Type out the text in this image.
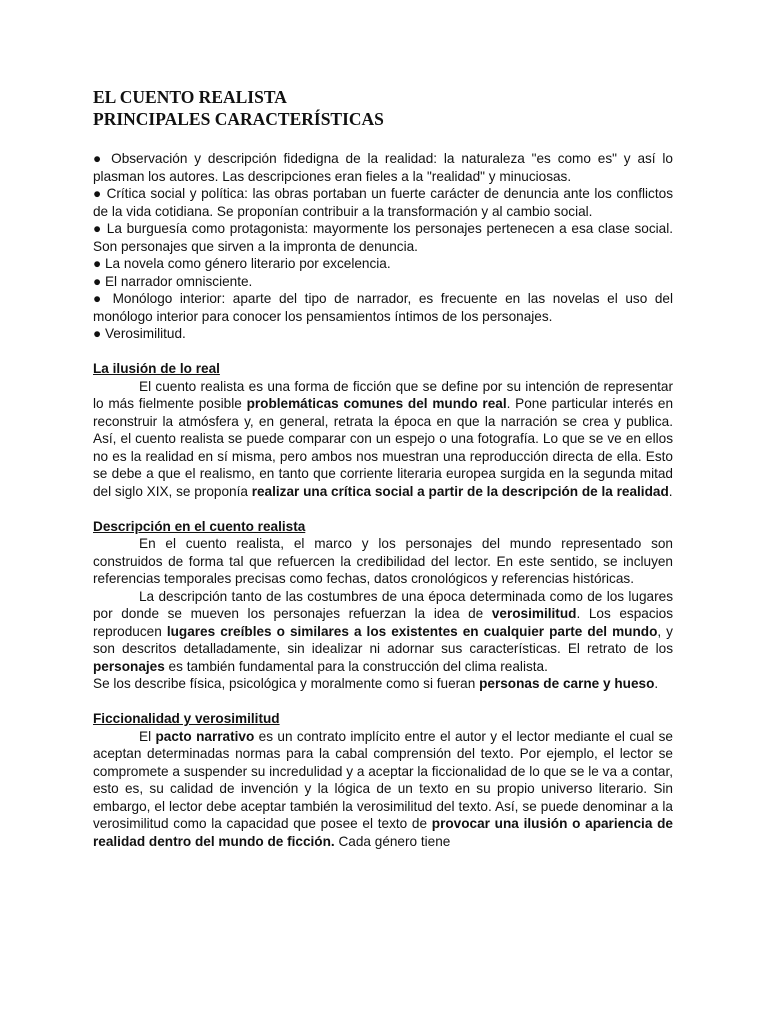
EL CUENTO REALISTA
PRINCIPALES CARACTERÍSTICAS

● Observación y descripción fidedigna de la realidad: la naturaleza "es como es" y así lo plasman los autores. Las descripciones eran fieles a la "realidad" y minuciosas.

● Crítica social y política: las obras portaban un fuerte carácter de denuncia ante los conflictos de la vida cotidiana. Se proponían contribuir a la transformación y al cambio social.

● La burguesía como protagonista: mayormente los personajes pertenecen a esa clase social. Son personajes que sirven a la impronta de denuncia.

● La novela como género literario por excelencia.

● El narrador omnisciente.

● Monólogo interior: aparte del tipo de narrador, es frecuente en las novelas el uso del monólogo interior para conocer los pensamientos íntimos de los personajes.

● Verosimilitud.

La ilusión de lo real

El cuento realista es una forma de ficción que se define por su intención de representar lo más fielmente posible problemáticas comunes del mundo real. Pone particular interés en reconstruir la atmósfera y, en general, retrata la época en que la narración se crea y publica. Así, el cuento realista se puede comparar con un espejo o una fotografía. Lo que se ve en ellos no es la realidad en sí misma, pero ambos nos muestran una reproducción directa de ella. Esto se debe a que el realismo, en tanto que corriente literaria europea surgida en la segunda mitad del siglo XIX, se proponía realizar una crítica social a partir de la descripción de la realidad.

Descripción en el cuento realista

En el cuento realista, el marco y los personajes del mundo representado son construidos de forma tal que refuercen la credibilidad del lector. En este sentido, se incluyen referencias temporales precisas como fechas, datos cronológicos y referencias históricas.

La descripción tanto de las costumbres de una época determinada como de los lugares por donde se mueven los personajes refuerzan la idea de verosimilitud. Los espacios reproducen lugares creíbles o similares a los existentes en cualquier parte del mundo, y son descritos detalladamente, sin idealizar ni adornar sus características. El retrato de los personajes es también fundamental para la construcción del clima realista.

Se los describe física, psicológica y moralmente como si fueran personas de carne y hueso.

Ficcionalidad y verosimilitud

El pacto narrativo es un contrato implícito entre el autor y el lector mediante el cual se aceptan determinadas normas para la cabal comprensión del texto. Por ejemplo, el lector se compromete a suspender su incredulidad y a aceptar la ficcionalidad de lo que se le va a contar, esto es, su calidad de invención y la lógica de un texto en su propio universo literario. Sin embargo, el lector debe aceptar también la verosimilitud del texto. Así, se puede denominar a la verosimilitud como la capacidad que posee el texto de provocar una ilusión o apariencia de realidad dentro del mundo de ficción. Cada género tiene
